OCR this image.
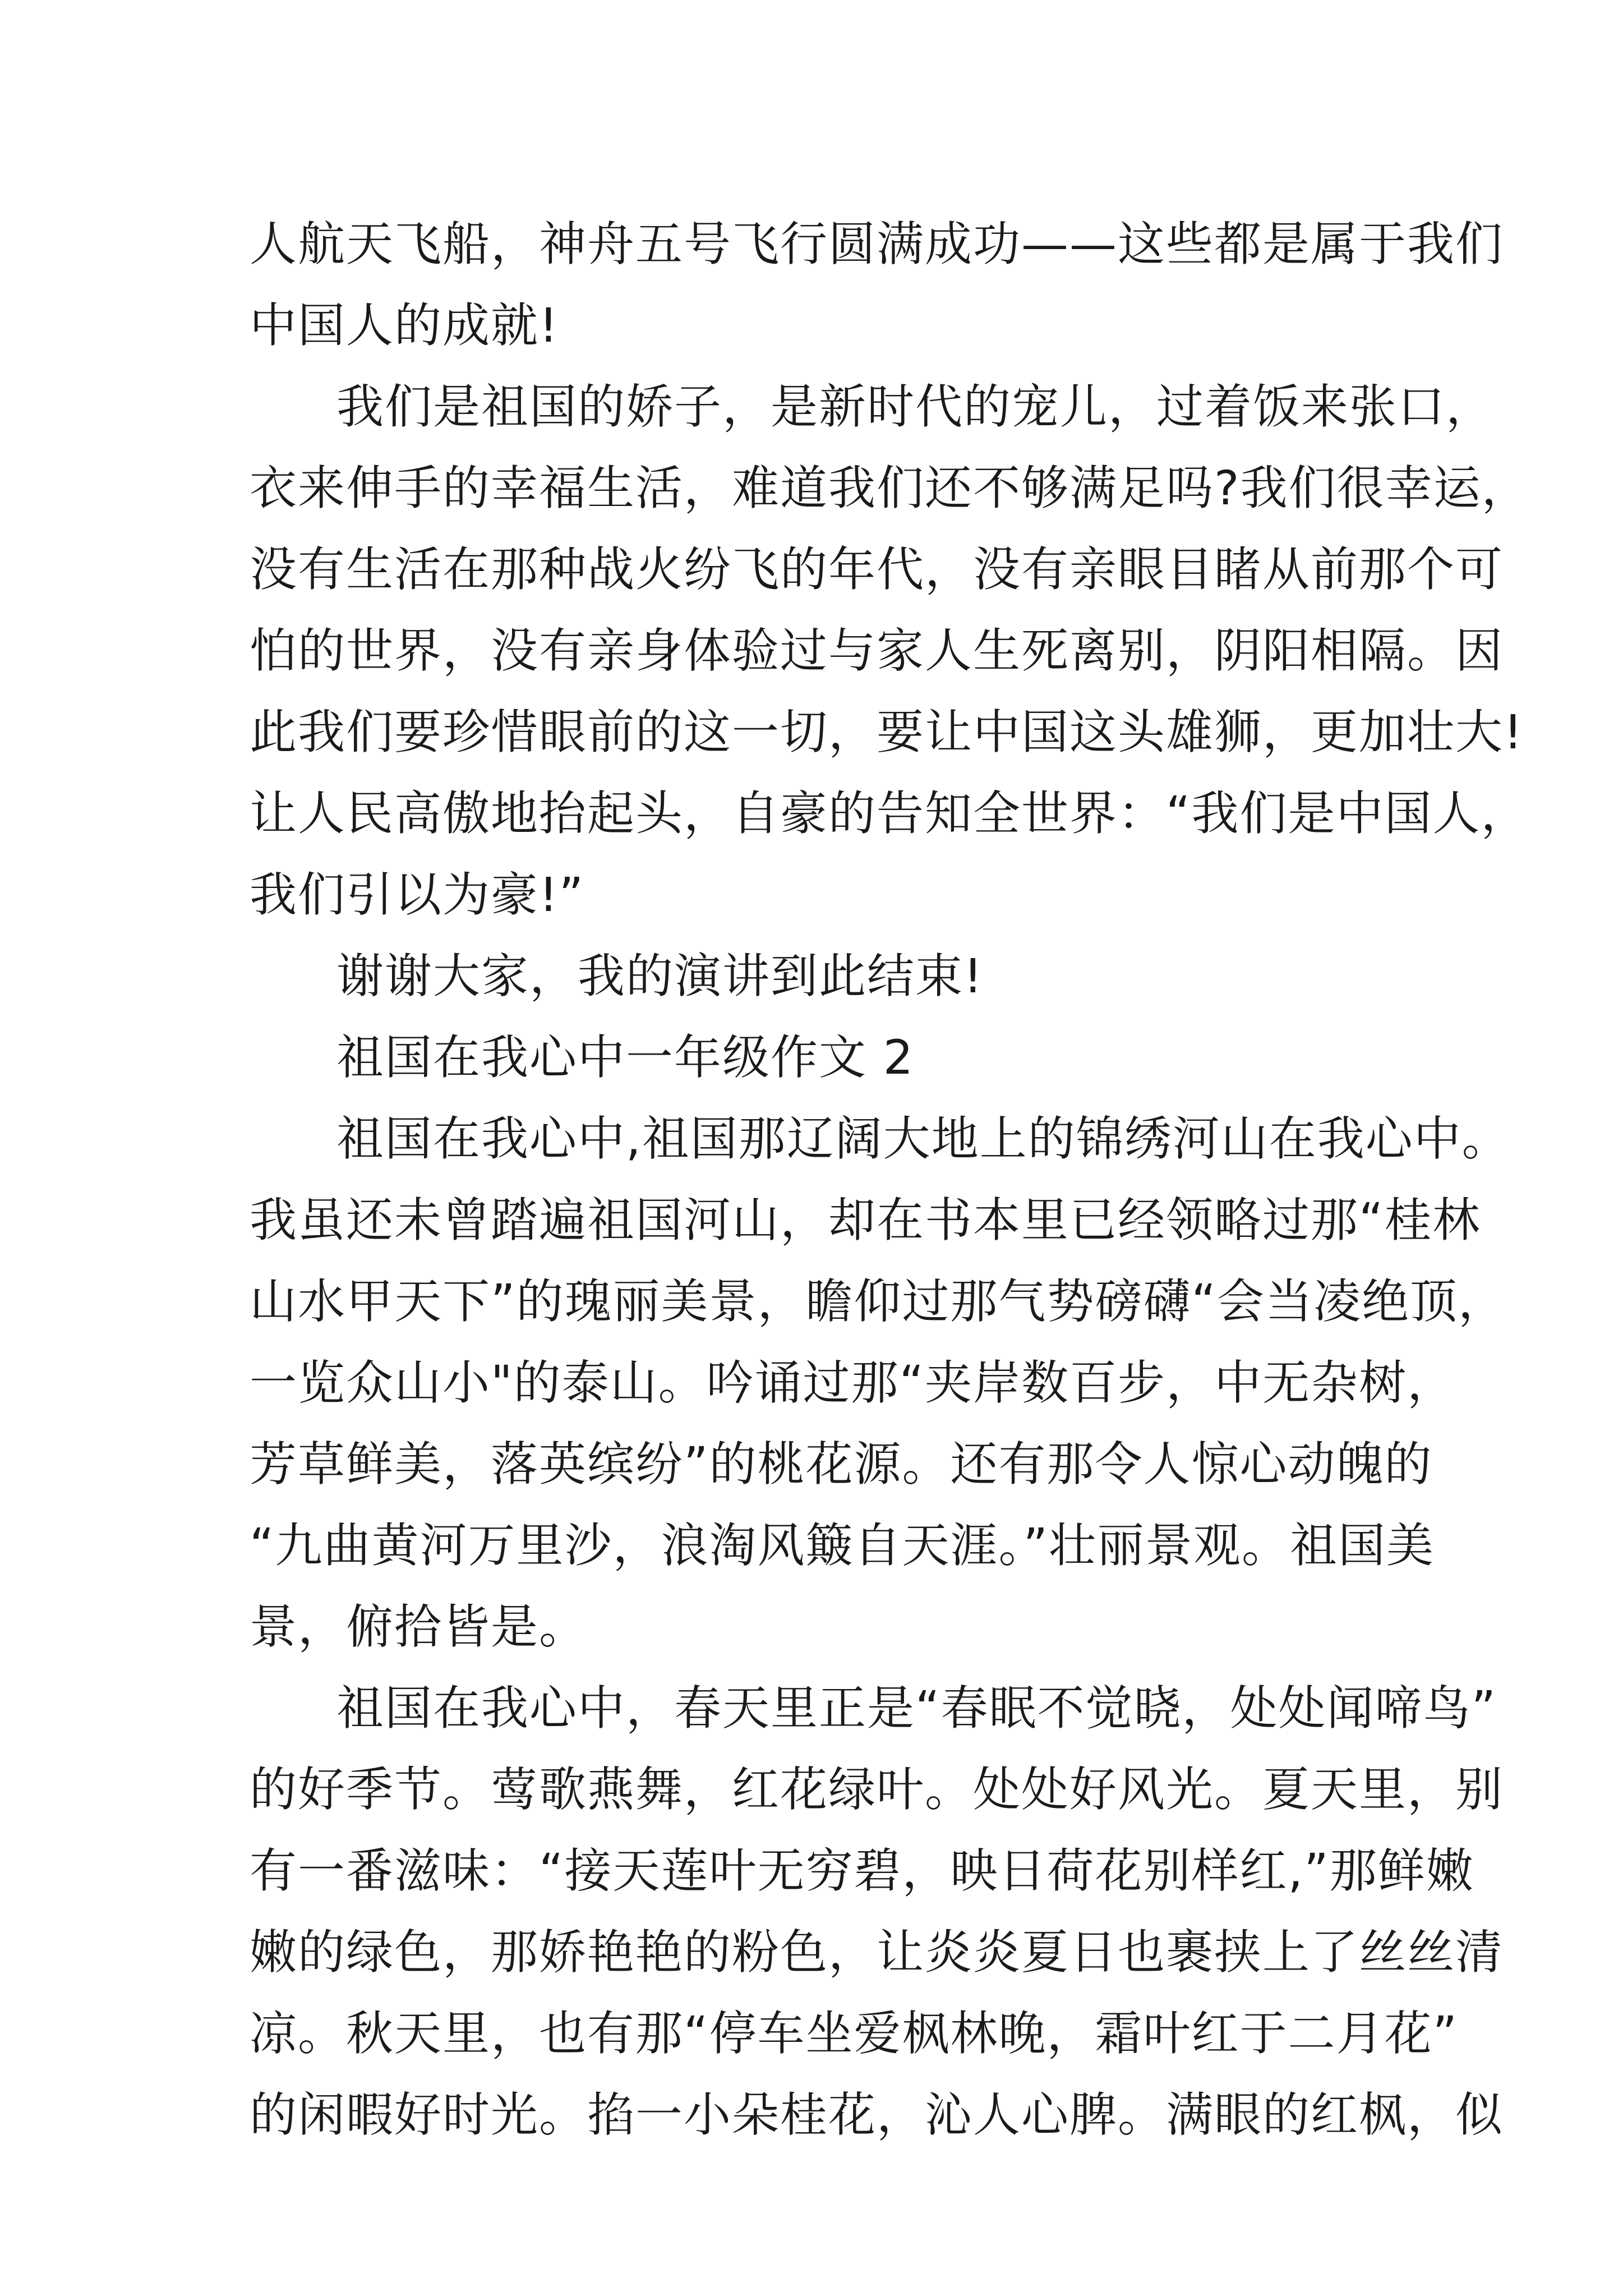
人航天飞船，神舟五号飞行圆满成功——这些都是属于我们
中国人的成就!
我们是祖国的娇子，是新时代的宠儿，过着饭来张口，
衣来伸手的幸福生活，难道我们还不够满足吗?我们很幸运，
没有生活在那种战火纷飞的年代，没有亲眼目睹从前那个可
怕的世界，没有亲身体验过与家人生死离别，阴阳相隔。因
此我们要珍惜眼前的这一切，要让中国这头雄狮，更加壮大!
让人民高傲地抬起头，自豪的告知全世界：“我们是中国人，
我们引以为豪!”
谢谢大家，我的演讲到此结束!
祖国在我心中一年级作文 2
祖国在我心中,祖国那辽阔大地上的锦绣河山在我心中。
我虽还未曾踏遍祖国河山，却在书本里已经领略过那“桂林
山水甲天下”的瑰丽美景，瞻仰过那气势磅礴“会当凌绝顶，
一览众山小"的泰山。吟诵过那“夹岸数百步，中无杂树，
芳草鲜美，落英缤纷”的桃花源。还有那令人惊心动魄的
“九曲黄河万里沙，浪淘风簸自天涯。”壮丽景观。祖国美
景，俯拾皆是。
祖国在我心中，春天里正是“春眠不觉晓，处处闻啼鸟”
的好季节。莺歌燕舞，红花绿叶。处处好风光。夏天里，别
有一番滋味：“接天莲叶无穷碧，映日荷花别样红,”那鲜嫩
嫩的绿色，那娇艳艳的粉色，让炎炎夏日也裹挟上了丝丝清
凉。秋天里，也有那“停车坐爱枫林晚，霜叶红于二月花”
的闲暇好时光。掐一小朵桂花，沁人心脾。满眼的红枫，似
